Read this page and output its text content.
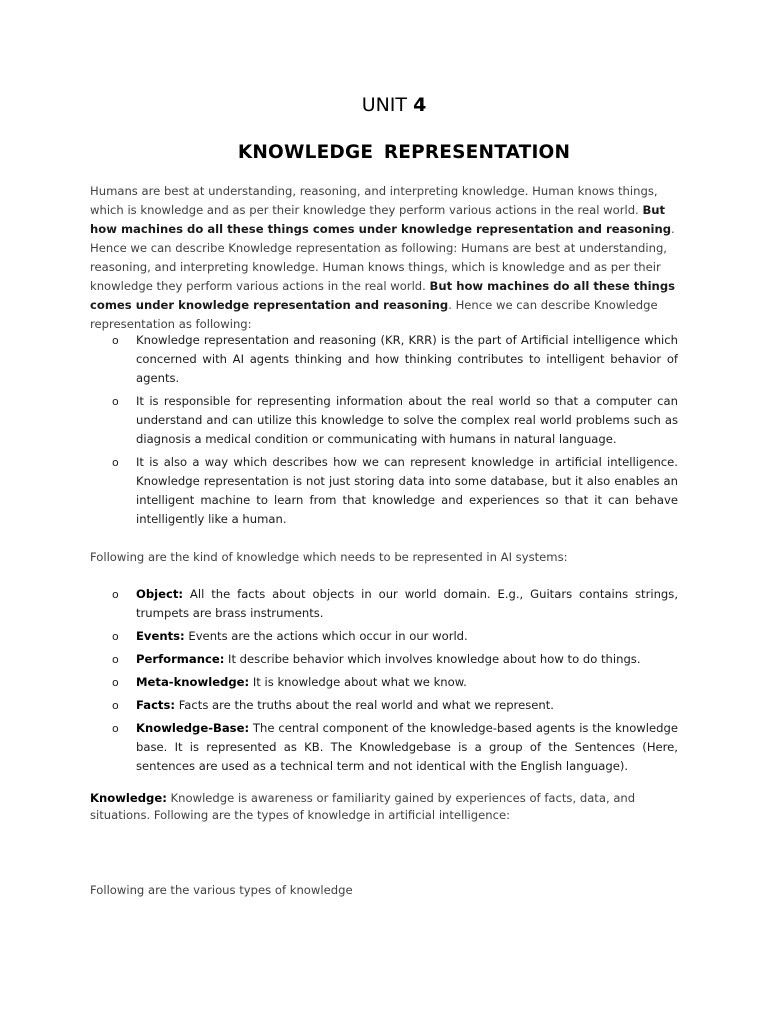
UNIT 4
KNOWLEDGE REPRESENTATION

Humans are best at understanding, reasoning, and interpreting knowledge. Human knows things, which is knowledge and as per their knowledge they perform various actions in the real world. But how machines do all these things comes under knowledge representation and reasoning. Hence we can describe Knowledge representation as following: Humans are best at understanding, reasoning, and interpreting knowledge. Human knows things, which is knowledge and as per their knowledge they perform various actions in the real world. But how machines do all these things comes under knowledge representation and reasoning. Hence we can describe Knowledge representation as following:

o Knowledge representation and reasoning (KR, KRR) is the part of Artificial intelligence which concerned with AI agents thinking and how thinking contributes to intelligent behavior of agents.
o It is responsible for representing information about the real world so that a computer can understand and can utilize this knowledge to solve the complex real world problems such as diagnosis a medical condition or communicating with humans in natural language.
o It is also a way which describes how we can represent knowledge in artificial intelligence. Knowledge representation is not just storing data into some database, but it also enables an intelligent machine to learn from that knowledge and experiences so that it can behave intelligently like a human.

Following are the kind of knowledge which needs to be represented in AI systems:

o Object: All the facts about objects in our world domain. E.g., Guitars contains strings, trumpets are brass instruments.
o Events: Events are the actions which occur in our world.
o Performance: It describe behavior which involves knowledge about how to do things.
o Meta-knowledge: It is knowledge about what we know.
o Facts: Facts are the truths about the real world and what we represent.
o Knowledge-Base: The central component of the knowledge-based agents is the knowledge base. It is represented as KB. The Knowledgebase is a group of the Sentences (Here, sentences are used as a technical term and not identical with the English language).

Knowledge: Knowledge is awareness or familiarity gained by experiences of facts, data, and situations. Following are the types of knowledge in artificial intelligence:

Following are the various types of knowledge
